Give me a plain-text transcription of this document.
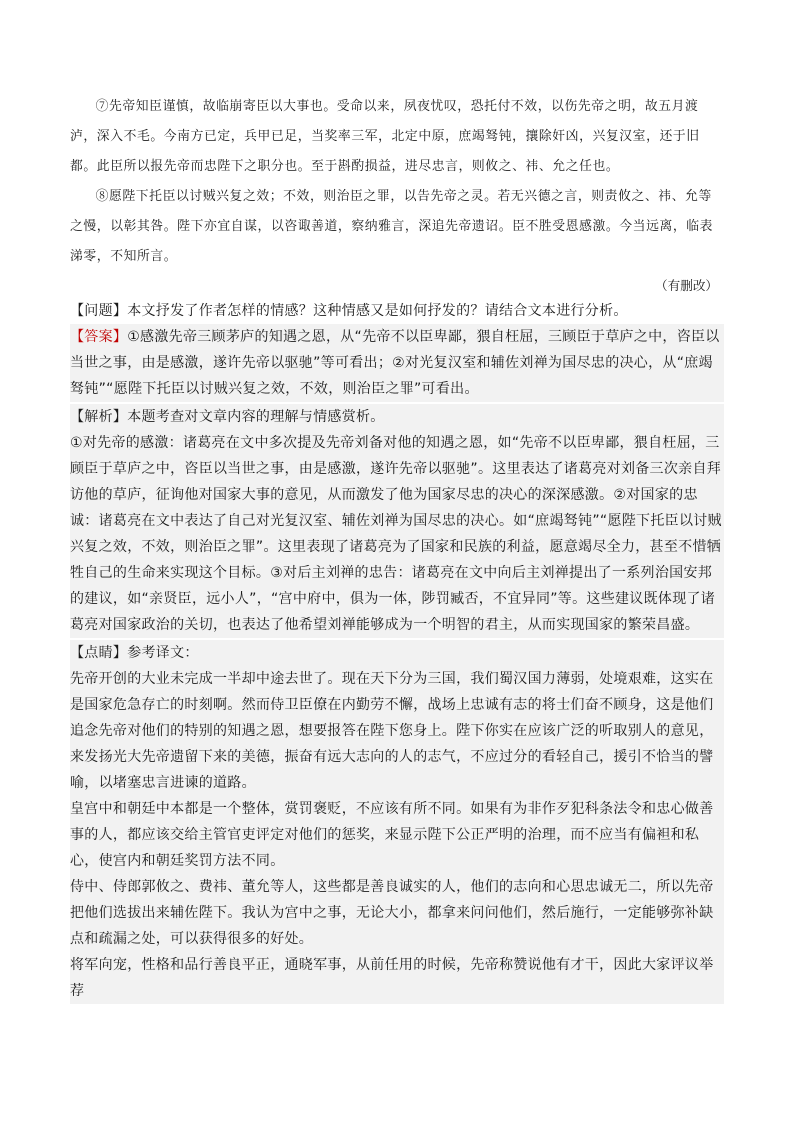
⑦先帝知臣谨慎，故临崩寄臣以大事也。受命以来，夙夜忧叹，恐托付不效，以伤先帝之明，故五月渡泸，深入不毛。今南方已定，兵甲已足，当奖率三军，北定中原，庶竭驽钝，攘除奸凶，兴复汉室，还于旧都。此臣所以报先帝而忠陛下之职分也。至于斟酌损益，进尽忠言，则攸之、祎、允之任也。

⑧愿陛下托臣以讨贼兴复之效；不效，则治臣之罪，以告先帝之灵。若无兴德之言，则责攸之、祎、允等之慢，以彰其咎。陛下亦宜自谋，以咨诹善道，察纳雅言，深追先帝遗诏。臣不胜受恩感激。今当远离，临表涕零，不知所言。

（有删改）
【问题】本文抒发了作者怎样的情感？这种情感又是如何抒发的？请结合文本进行分析。
【答案】①感激先帝三顾茅庐的知遇之恩，从“先帝不以臣卑鄙，猥自枉屈，三顾臣于草庐之中，咨臣以当世之事，由是感激，遂许先帝以驱驰”等可看出；②对光复汉室和辅佐刘禅为国尽忠的决心，从“庶竭驽钝”“愿陛下托臣以讨贼兴复之效，不效，则治臣之罪”可看出。
【解析】本题考查对文章内容的理解与情感赏析。
①对先帝的感激：诸葛亮在文中多次提及先帝刘备对他的知遇之恩，如“先帝不以臣卑鄙，猥自枉屈，三顾臣于草庐之中，咨臣以当世之事，由是感激，遂许先帝以驱驰”。这里表达了诸葛亮对刘备三次亲自拜访他的草庐，征询他对国家大事的意见，从而激发了他为国家尽忠的决心的深深感激。②对国家的忠诚：诸葛亮在文中表达了自己对光复汉室、辅佐刘禅为国尽忠的决心。如“庶竭驽钝”“愿陛下托臣以讨贼兴复之效，不效，则治臣之罪”。这里表现了诸葛亮为了国家和民族的利益，愿意竭尽全力，甚至不惜牺牲自己的生命来实现这个目标。③对后主刘禅的忠告：诸葛亮在文中向后主刘禅提出了一系列治国安邦的建议，如“亲贤臣，远小人”，“宫中府中，俱为一体，陟罚臧否，不宜异同”等。这些建议既体现了诸葛亮对国家政治的关切，也表达了他希望刘禅能够成为一个明智的君主，从而实现国家的繁荣昌盛。
【点睛】参考译文：
先帝开创的大业未完成一半却中途去世了。现在天下分为三国，我们蜀汉国力薄弱，处境艰难，这实在是国家危急存亡的时刻啊。然而侍卫臣僚在内勤劳不懈，战场上忠诚有志的将士们奋不顾身，这是他们追念先帝对他们的特别的知遇之恩，想要报答在陛下您身上。陛下你实在应该广泛的听取别人的意见，来发扬光大先帝遗留下来的美德，振奋有远大志向的人的志气，不应过分的看轻自己，援引不恰当的譬喻，以堵塞忠言进谏的道路。
皇宫中和朝廷中本都是一个整体，赏罚褒贬，不应该有所不同。如果有为非作歹犯科条法令和忠心做善事的人，都应该交给主管官吏评定对他们的惩奖，来显示陛下公正严明的治理，而不应当有偏袒和私心，使宫内和朝廷奖罚方法不同。
侍中、侍郎郭攸之、费祎、董允等人，这些都是善良诚实的人，他们的志向和心思忠诚无二，所以先帝把他们选拔出来辅佐陛下。我认为宫中之事，无论大小，都拿来问问他们，然后施行，一定能够弥补缺点和疏漏之处，可以获得很多的好处。
将军向宠，性格和品行善良平正，通晓军事，从前任用的时候，先帝称赞说他有才干，因此大家评议举荐
